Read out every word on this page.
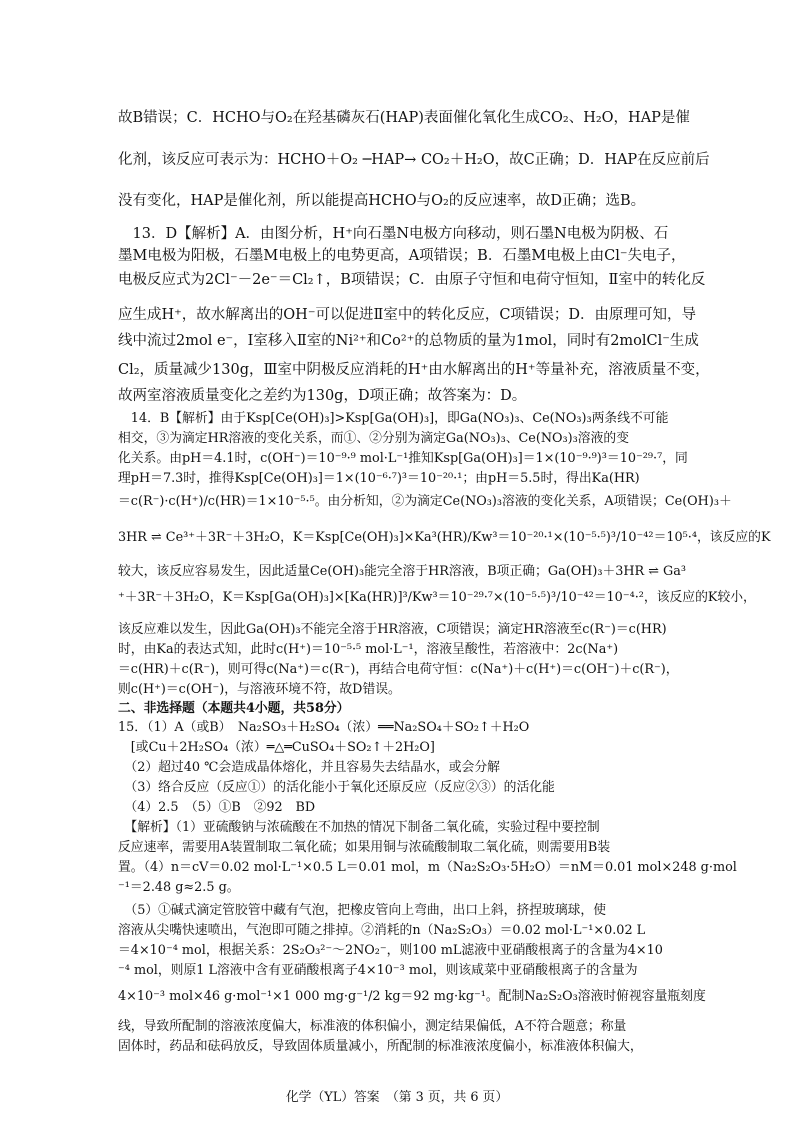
故B错误；C．HCHO与O₂在羟基磷灰石(HAP)表面催化氧化生成CO₂、H₂O，HAP是催
化剂，该反应可表示为：HCHO＋O₂ ─HAP→ CO₂＋H₂O，故C正确；D．HAP在反应前后
没有变化，HAP是催化剂，所以能提高HCHO与O₂的反应速率，故D正确；选B。
　13．D【解析】A．由图分析，H⁺向石墨N电极方向移动，则石墨N电极为阴极、石
墨M电极为阳极，石墨M电极上的电势更高，A项错误；B．石墨M电极上由Cl⁻失电子，
电极反应式为2Cl⁻－2e⁻＝Cl₂↑，B项错误；C．由原子守恒和电荷守恒知，Ⅱ室中的转化反
应生成H⁺，故水解离出的OH⁻可以促进Ⅱ室中的转化反应，C项错误；D．由原理可知，导
线中流过2mol e⁻，Ⅰ室移入Ⅱ室的Ni²⁺和Co²⁺的总物质的量为1mol，同时有2molCl⁻生成
Cl₂，质量减少130g，Ⅲ室中阴极反应消耗的H⁺由水解离出的H⁺等量补充，溶液质量不变，
故两室溶液质量变化之差约为130g，D项正确；故答案为：D。
　14．B【解析】由于Ksp[Ce(OH)₃]>Ksp[Ga(OH)₃]，即Ga(NO₃)₃、Ce(NO₃)₃两条线不可能
相交，③为滴定HR溶液的变化关系，而①、②分别为滴定Ga(NO₃)₃、Ce(NO₃)₃溶液的变
化关系。由pH＝4.1时，c(OH⁻)＝10⁻⁹·⁹ mol·L⁻¹推知Ksp[Ga(OH)₃]＝1×(10⁻⁹·⁹)³＝10⁻²⁹·⁷，同
理pH＝7.3时，推得Ksp[Ce(OH)₃]＝1×(10⁻⁶·⁷)³＝10⁻²⁰·¹；由pH＝5.5时，得出Ka(HR)
＝c(R⁻)·c(H⁺)/c(HR)＝1×10⁻⁵·⁵。由分析知，②为滴定Ce(NO₃)₃溶液的变化关系，A项错误；Ce(OH)₃＋
3HR ⇌ Ce³⁺＋3R⁻＋3H₂O，K＝Ksp[Ce(OH)₃]×Ka³(HR)/Kw³＝10⁻²⁰·¹×(10⁻⁵·⁵)³/10⁻⁴²＝10⁵·⁴，该反应的K
较大，该反应容易发生，因此适量Ce(OH)₃能完全溶于HR溶液，B项正确；Ga(OH)₃＋3HR ⇌ Ga³
⁺＋3R⁻＋3H₂O，K＝Ksp[Ga(OH)₃]×[Ka(HR)]³/Kw³＝10⁻²⁹·⁷×(10⁻⁵·⁵)³/10⁻⁴²＝10⁻⁴·²，该反应的K较小，
该反应难以发生，因此Ga(OH)₃不能完全溶于HR溶液，C项错误；滴定HR溶液至c(R⁻)＝c(HR)
时，由Ka的表达式知，此时c(H⁺)＝10⁻⁵·⁵ mol·L⁻¹，溶液呈酸性，若溶液中：2c(Na⁺)
＝c(HR)＋c(R⁻)，则可得c(Na⁺)＝c(R⁻)，再结合电荷守恒：c(Na⁺)＋c(H⁺)＝c(OH⁻)＋c(R⁻)，
则c(H⁺)＝c(OH⁻)，与溶液环境不符，故D错误。
二、非选择题（本题共4小题，共58分）
15．（1）A（或B）　Na₂SO₃＋H₂SO₄（浓）══Na₂SO₄＋SO₂↑＋H₂O
　[或Cu＋2H₂SO₄（浓）═△═CuSO₄＋SO₂↑＋2H₂O]
　（2）超过40 ℃会造成晶体熔化，并且容易失去结晶水，或会分解
　（3）络合反应（反应①）的活化能小于氧化还原反应（反应②③）的活化能
　（4）2.5　（5）①B　②92　BD
　【解析】（1）亚硫酸钠与浓硫酸在不加热的情况下制备二氧化硫，实验过程中要控制
反应速率，需要用A装置制取二氧化硫；如果用铜与浓硫酸制取二氧化硫，则需要用B装
置。（4）n＝cV＝0.02 mol·L⁻¹×0.5 L＝0.01 mol，m（Na₂S₂O₃·5H₂O）＝nM＝0.01 mol×248 g·mol
⁻¹＝2.48 g≈2.5 g。
　（5）①碱式滴定管胶管中藏有气泡，把橡皮管向上弯曲，出口上斜，挤捏玻璃球，使
溶液从尖嘴快速喷出，气泡即可随之排掉。②消耗的n（Na₂S₂O₃）＝0.02 mol·L⁻¹×0.02 L
＝4×10⁻⁴ mol，根据关系：2S₂O₃²⁻～2NO₂⁻，则100 mL滤液中亚硝酸根离子的含量为4×10
⁻⁴ mol，则原1 L溶液中含有亚硝酸根离子4×10⁻³ mol，则该咸菜中亚硝酸根离子的含量为
4×10⁻³ mol×46 g·mol⁻¹×1 000 mg·g⁻¹/2 kg＝92 mg·kg⁻¹。配制Na₂S₂O₃溶液时俯视容量瓶刻度
线，导致所配制的溶液浓度偏大，标准液的体积偏小，测定结果偏低，A不符合题意；称量
固体时，药品和砝码放反，导致固体质量减小，所配制的标准液浓度偏小，标准液体积偏大，
化学（YL）答案　（第 3 页，共 6 页）
